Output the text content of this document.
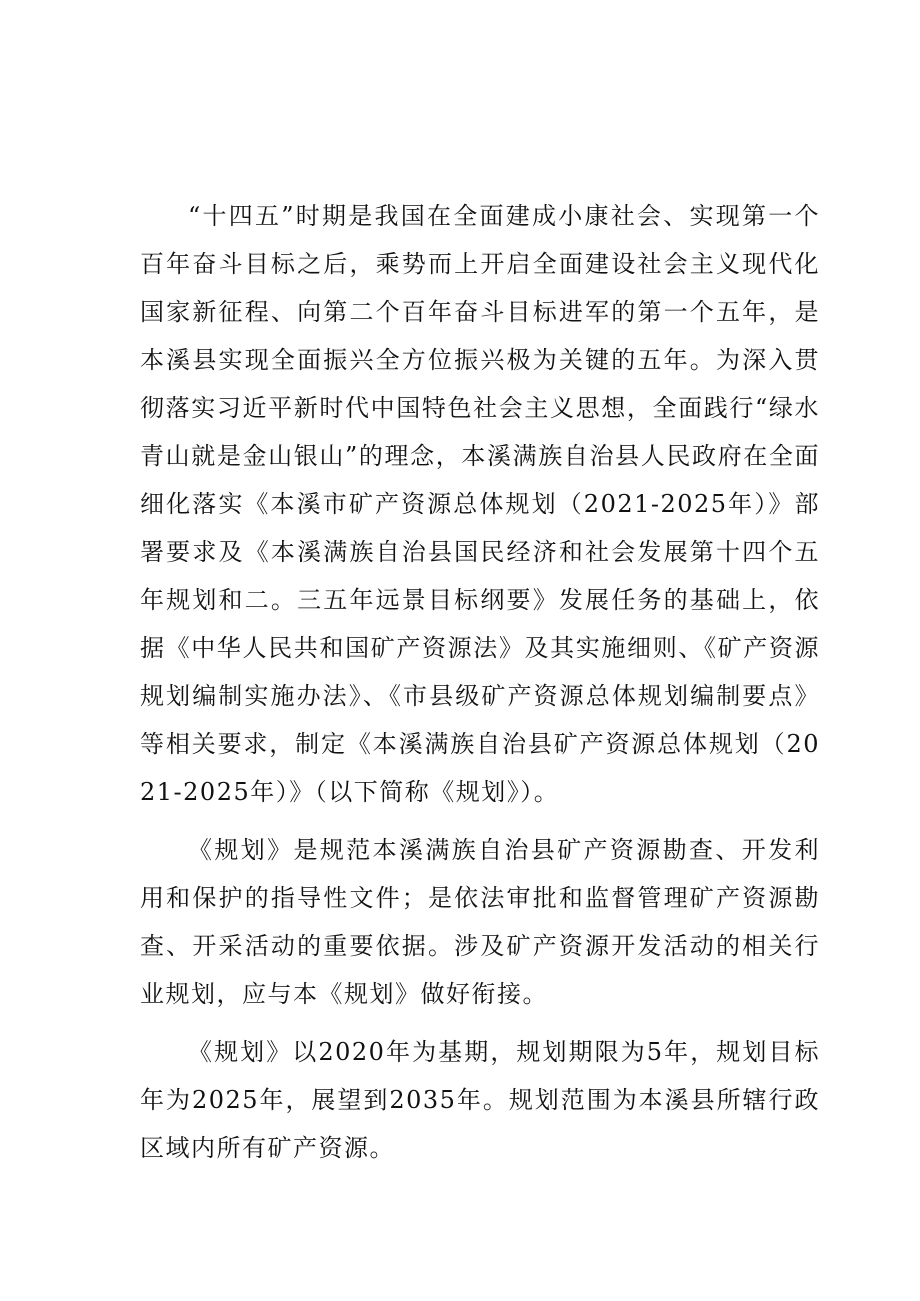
“十四五”时期是我国在全面建成小康社会、实现第一个百年奋斗目标之后，乘势而上开启全面建设社会主义现代化国家新征程、向第二个百年奋斗目标进军的第一个五年，是本溪县实现全面振兴全方位振兴极为关键的五年。为深入贯彻落实习近平新时代中国特色社会主义思想，全面践行“绿水青山就是金山银山”的理念，本溪满族自治县人民政府在全面细化落实《本溪市矿产资源总体规划（2021-2025年）》部署要求及《本溪满族自治县国民经济和社会发展第十四个五年规划和二。三五年远景目标纲要》发展任务的基础上，依据《中华人民共和国矿产资源法》及其实施细则、《矿产资源规划编制实施办法》、《市县级矿产资源总体规划编制要点》等相关要求，制定《本溪满族自治县矿产资源总体规划（2021-2025年）》（以下简称《规划》）。

《规划》是规范本溪满族自治县矿产资源勘查、开发利用和保护的指导性文件；是依法审批和监督管理矿产资源勘查、开采活动的重要依据。涉及矿产资源开发活动的相关行业规划，应与本《规划》做好衔接。

《规划》以2020年为基期，规划期限为5年，规划目标年为2025年，展望到2035年。规划范围为本溪县所辖行政区域内所有矿产资源。
